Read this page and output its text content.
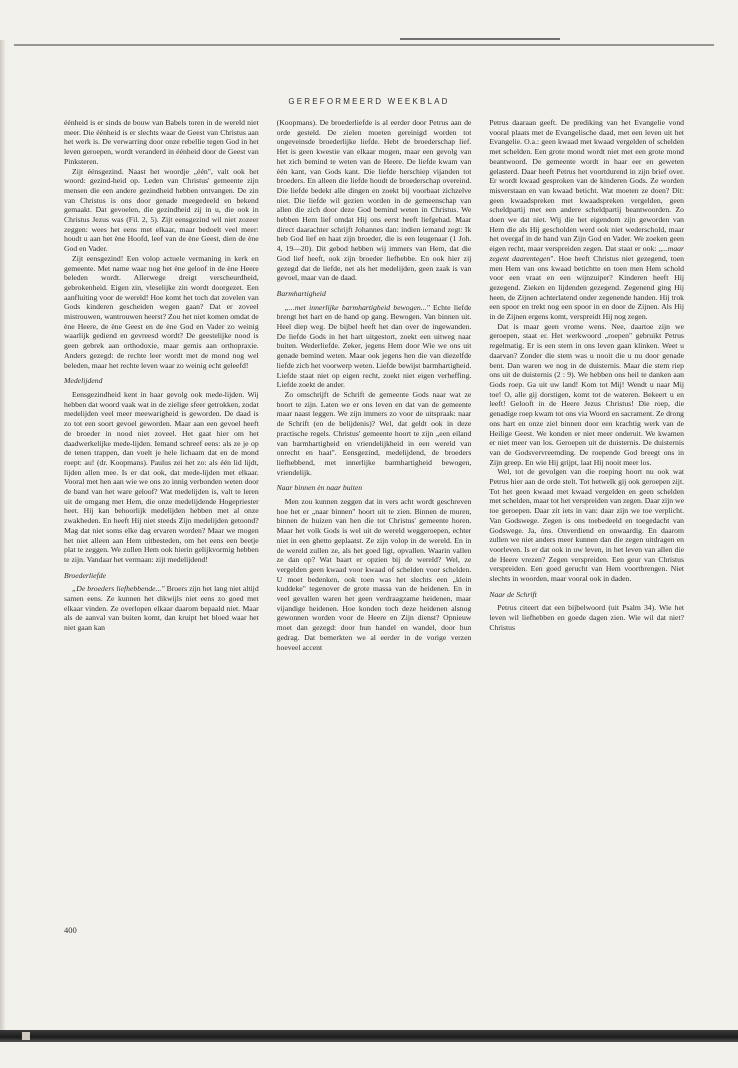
GEREFORMEERD WEEKBLAD

éénheid is er sinds de bouw van Babels toren in de wereld niet meer. Die éénheid is er slechts waar de Geest van Christus aan het werk is. De verwarring door onze rebellie tegen God in het leven geroepen, wordt veranderd in éénheid door de Geest van Pinksteren.

Zijt éénsgezind. Naast het woordje „één", valt ook het woord: gezind-heid op. Leden van Christus' gemeente zijn mensen die een andere gezindheid hebben ontvangen. De zin van Christus is ons door genade meegedeeld en bekend gemaakt. Dat gevoelen, die gezindheid zij in u, die ook in Christus Jezus was (Fil. 2, 5). Zijt eensgezind wil niet zozeer zeggen: wees het eens met elkaar, maar bedoelt veel meer: houdt u aan het ène Hoofd, leef van de ène Geest, dien de ène God en Vader.

Zijt eensgezind! Een volop actuele vermaning in kerk en gemeente. Met name waar nog het ène geloof in de ène Heere beleden wordt. Allerwege dreigt verscheurdheid, gebrokenheid. Eigen zin, vleselijke zin wordt doorgezet. Een aanfluiting voor de wereld! Hoe komt het toch dat zovelen van Gods kinderen gescheiden wegen gaan? Dat er zoveel mistrouwen, wantrouwen heerst? Zou het niet komen omdat de ène Heere, de ène Geest en de ène God en Vader zo weinig waarlijk gediend en gevreesd wordt? De geestelijke nood is geen gebrek aan orthodoxie, maar gemis aan orthopraxie. Anders gezegd: de rechte leer wordt met de mond nog wel beleden, maar het rechte leven waar zo weinig echt geleefd!

Medelijdend

Eensgezindheid kent in haar gevolg ook mede-lijden. Wij hebben dat woord vaak wat in de zielige sfeer getrokken, zodat medelijden veel meer meewarigheid is geworden. De daad is zo tot een soort gevoel geworden. Maar aan een gevoel heeft de broeder in nood niet zoveel. Het gaat hier om het daadwerkelijke mede-lijden. Iemand schreef eens: als ze je op de tenen trappen, dan voelt je hele lichaam dat en de mond roept: au! (dr. Koopmans). Paulus zei het zo: als één lid lijdt, lijden allen mee. Is er dat ook, dat mede-lijden met elkaar. Vooral met hen aan wie we ons zo innig verbonden weten door de band van het ware geloof? Wat medelijden is, valt te leren uit de omgang met Hem, die onze medelijdende Hogepriester heet. Hij kan behoorlijk medelijden hebben met al onze zwakheden. En heeft Hij niet steeds Zijn medelijden getoond? Mag dat niet soms elke dag ervaren worden? Maar we mogen het niet alleen aan Hem uitbesteden, om het eens een beetje plat te zeggen. We zullen Hem ook hierin gelijkvormig hebben te zijn. Vandaar het vermaan: zijt medelijdend!

Broederliefde

„De broeders liefhebbende..." Broers zijn het lang niet altijd samen eens. Ze kunnen het dikwijls niet eens zo goed met elkaar vinden. Ze overlopen elkaar daarom bepaald niet. Maar als de aanval van buiten komt, dan kruipt het bloed waar het niet gaan kan

(Koopmans). De broederliefde is al eerder door Petrus aan de orde gesteld. De zielen moeten gereinigd worden tot ongeveinsde broederlijke liefde. Hebt de broederschap lief. Het is geen kwestie van elkaar mogen, maar een gevolg van het zich bemind te weten van de Heere. De liefde kwam van één kant, van Gods kant. Die liefde herschiep vijanden tot broeders. En alleen die liefde houdt de broederschap overeind. Die liefde bedekt alle dingen en zoekt bij voorbaat zichzelve niet. Die liefde wil gezien worden in de gemeenschap van allen die zich door deze God bemind weten in Christus. We hebben Hem lief omdat Hij ons eerst heeft liefgehad. Maar direct daarachter schrijft Johannes dan: indien iemand zegt: Ik heb God lief en haat zijn broeder, die is een leugenaar (1 Joh. 4, 19—20). Dit gebod hebben wij immers van Hem, dat die God lief heeft, ook zijn broeder liefhebbe. En ook hier zij gezegd dat de liefde, net als het medelijden, geen zaak is van gevoel, maar van de daad.

Barmhartigheid

„...met innerlijke barmhartigheid bewogen..." Echte liefde brengt het hart en de hand op gang. Bewogen. Van binnen uit. Heel diep weg. De bijbel heeft het dan over de ingewanden. De liefde Gods in het hart uitgestort, zoekt een uitweg naar buiten. Wederliefde. Zeker, jegens Hem door Wie we ons uit genade bemind weten. Maar ook jegens hen die van diezelfde liefde zich het voorwerp weten. Liefde bewijst barmhartigheid. Liefde staat niet op eigen recht, zoekt niet eigen verheffing. Liefde zoekt de ander.

Zo omschrijft de Schrift de gemeente Gods naar wat ze hoort te zijn. Laten we er ons leven en dat van de gemeente maar naast leggen. We zijn immers zo voor de uitspraak: naar de Schrift (en de belijdenis)? Wel, dat geldt ook in deze practische regels. Christus' gemeente hoort te zijn „een eiland van barmhartigheid en vriendelijkheid in een wereld van onrecht en haat". Eensgezind, medelijdend, de broeders liefhebbend, met innerlijke barmhartigheid bewogen, vriendelijk.

Naar binnen èn naar buiten

Men zou kunnen zeggen dat in vers acht wordt geschreven hoe het er „naar binnen" hoort uit te zien. Binnen de muren, binnen de huizen van hen die tot Christus' gemeente horen. Maar het volk Gods is wel uit de wereld weggeroepen, echter niet in een ghetto geplaatst. Ze zijn volop in de wereld. En in de wereld zullen ze, als het goed ligt, opvallen. Waarin vallen ze dan op? Wat baart er opzien bij de wereld? Wel, ze vergelden geen kwaad voor kwaad of schelden voor schelden. U moet bedenken, ook toen was het slechts een „klein kuddeke" tegenover de grote massa van de heidenen. En in veel gevallen waren het geen verdraagzame heidenen, maar vijandige heidenen. Hoe konden toch deze heidenen alsnog gewonnen worden voor de Heere en Zijn dienst? Opnieuw moet dan gezegd: door hun handel en wandel, door hun gedrag. Dat bemerkten we al eerder in de vorige verzen hoeveel accent

Petrus daaraan geeft. De prediking van het Evangelie vond vooral plaats met de Evangelische daad, met een leven uit het Evangelie. O.a.: geen kwaad met kwaad vergelden of schelden met schelden. Een grote mond wordt niet met een grote mond beantwoord. De gemeente wordt in haar eer en geweten gelasterd. Daar heeft Petrus het voortdurend in zijn brief over. Er wordt kwaad gesproken van de kinderen Gods. Ze worden misverstaan en van kwaad beticht. Wat moeten ze doen? Dit: geen kwaadspreken met kwaadspreken vergelden, geen scheldpartij met een andere scheldpartij beantwoorden. Zo doen we dat niet. Wij die het eigendom zijn geworden van Hem die als Hij gescholden werd ook niet wederschold, maar het overgaf in de hand van Zijn God en Vader. We zoeken geen eigen recht, maar verspreiden zegen. Dat staat er ook: „...maar zegent daarentegen". Hoe heeft Christus niet gezegend, toen men Hem van ons kwaad betichtte en toen men Hem schold voor een vraat en een wijnzuiper? Kinderen heeft Hij gezegend. Zieken en lijdenden gezegend. Zegenend ging Hij heen, de Zijnen achterlatend onder zegenende handen. Hij trok een spoor en trekt nog een spoor in en door de Zijnen. Als Hij in de Zijnen ergens komt, verspreidt Hij nog zegen.

Dat is maar geen vrome wens. Nee, daartoe zijn we geroepen, staat er. Het werkwoord „roepen" gebruikt Petrus regelmatig. Er is een stem in ons leven gaan klinken. Weet u daarvan? Zonder die stem was u nooit die u nu door genade bent. Dan waren we nog in de duisternis. Maar die stem riep ons uit de duisternis (2 : 9). We hebben ons heil te danken aan Gods roep. Ga uit uw land! Kom tot Mij! Wendt u naar Mij toe! O, alle gij dorstigen, komt tot de wateren. Bekeert u en leeft! Gelooft in de Heere Jezus Christus! Die roep, die genadige roep kwam tot ons via Woord en sacrament. Ze drong ons hart en onze ziel binnen door een krachtig werk van de Heilige Geest. We konden er niet meer onderuit. We kwamen er niet meer van los. Geroepen uit de duisternis. De duisternis van de Godsvervreemding. De roepende God breegt ons in Zijn greep. En wie Hij grijpt, laat Hij nooit meer los.

Wel, tot de gevolgen van die roeping hoort nu ook wat Petrus hier aan de orde stelt. Tot hetwelk gij ook geroepen zijt. Tot het geen kwaad met kwaad vergelden en geen schelden met schelden, maar tot het verspreiden van zegen. Daar zijn we toe geroepen. Daar zit iets in van: daar zijn we toe verplicht. Van Godswege. Zegen is ons toebedeeld en toegedacht van Godswege. Ja, óns. Onverdiend en onwaardig. En daarom zullen we niet anders meer kunnen dan die zegen uitdragen en voorleven. Is er dat ook in uw leven, in het leven van allen die de Heere vrezen? Zegen verspreiden. Een geur van Christus verspreiden. Een goed gerucht van Hem voortbrengen. Niet slechts in woorden, maar vooral ook in daden.

Naar de Schrift

Petrus citeert dat een bijbelwoord (uit Psalm 34). Wie het leven wil liefhebben en goede dagen zien. Wie wil dat niet? Christus

400
